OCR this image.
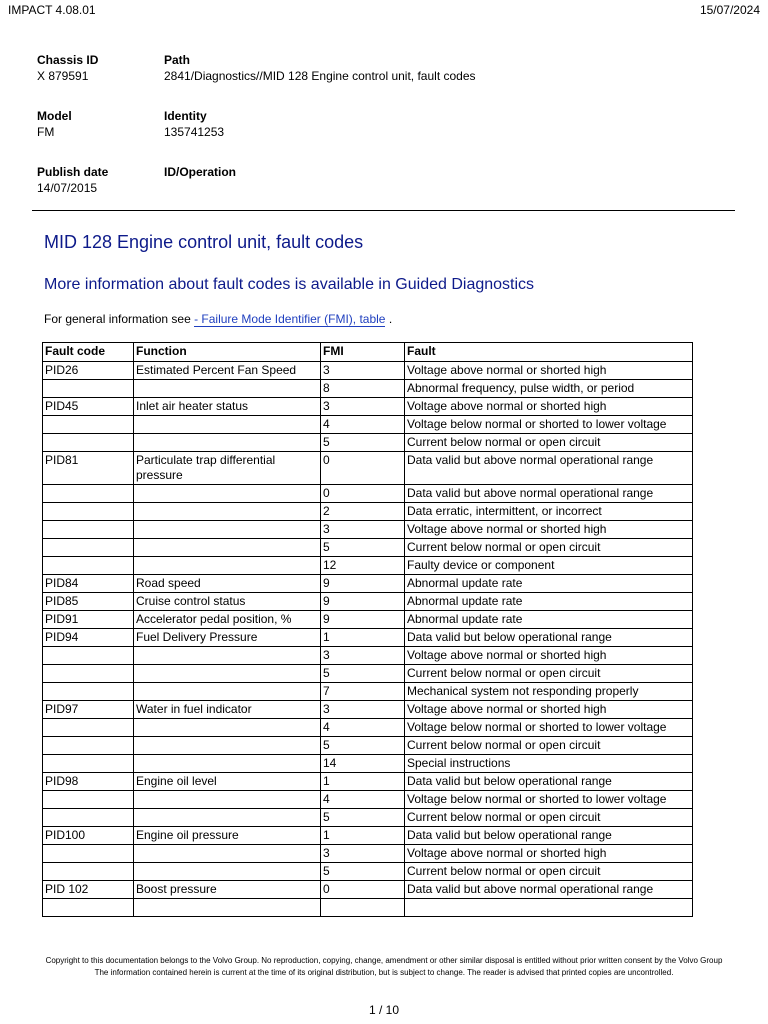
IMPACT 4.08.01	15/07/2024
Chassis ID
X 879591
Path
2841/Diagnostics//MID 128 Engine control unit, fault codes
Model
FM
Identity
135741253
Publish date
14/07/2015
ID/Operation
MID 128 Engine control unit, fault codes
More information about fault codes is available in Guided Diagnostics
For general information see - Failure Mode Identifier (FMI), table .
Fault code	Function	FMI	Fault
PID26	Estimated Percent Fan Speed	3	Voltage above normal or shorted high
		8	Abnormal frequency, pulse width, or period
PID45	Inlet air heater status	3	Voltage above normal or shorted high
		4	Voltage below normal or shorted to lower voltage
		5	Current below normal or open circuit
PID81	Particulate trap differential pressure	0	Data valid but above normal operational range
		0	Data valid but above normal operational range
		2	Data erratic, intermittent, or incorrect
		3	Voltage above normal or shorted high
		5	Current below normal or open circuit
		12	Faulty device or component
PID84	Road speed	9	Abnormal update rate
PID85	Cruise control status	9	Abnormal update rate
PID91	Accelerator pedal position, %	9	Abnormal update rate
PID94	Fuel Delivery Pressure	1	Data valid but below operational range
		3	Voltage above normal or shorted high
		5	Current below normal or open circuit
		7	Mechanical system not responding properly
PID97	Water in fuel indicator	3	Voltage above normal or shorted high
		4	Voltage below normal or shorted to lower voltage
		5	Current below normal or open circuit
		14	Special instructions
PID98	Engine oil level	1	Data valid but below operational range
		4	Voltage below normal or shorted to lower voltage
		5	Current below normal or open circuit
PID100	Engine oil pressure	1	Data valid but below operational range
		3	Voltage above normal or shorted high
		5	Current below normal or open circuit
PID 102	Boost pressure	0	Data valid but above normal operational range

Copyright to this documentation belongs to the Volvo Group. No reproduction, copying, change, amendment or other similar disposal is entitled without prior written consent by the Volvo Group
The information contained herein is current at the time of its original distribution, but is subject to change. The reader is advised that printed copies are uncontrolled.
1 / 10
